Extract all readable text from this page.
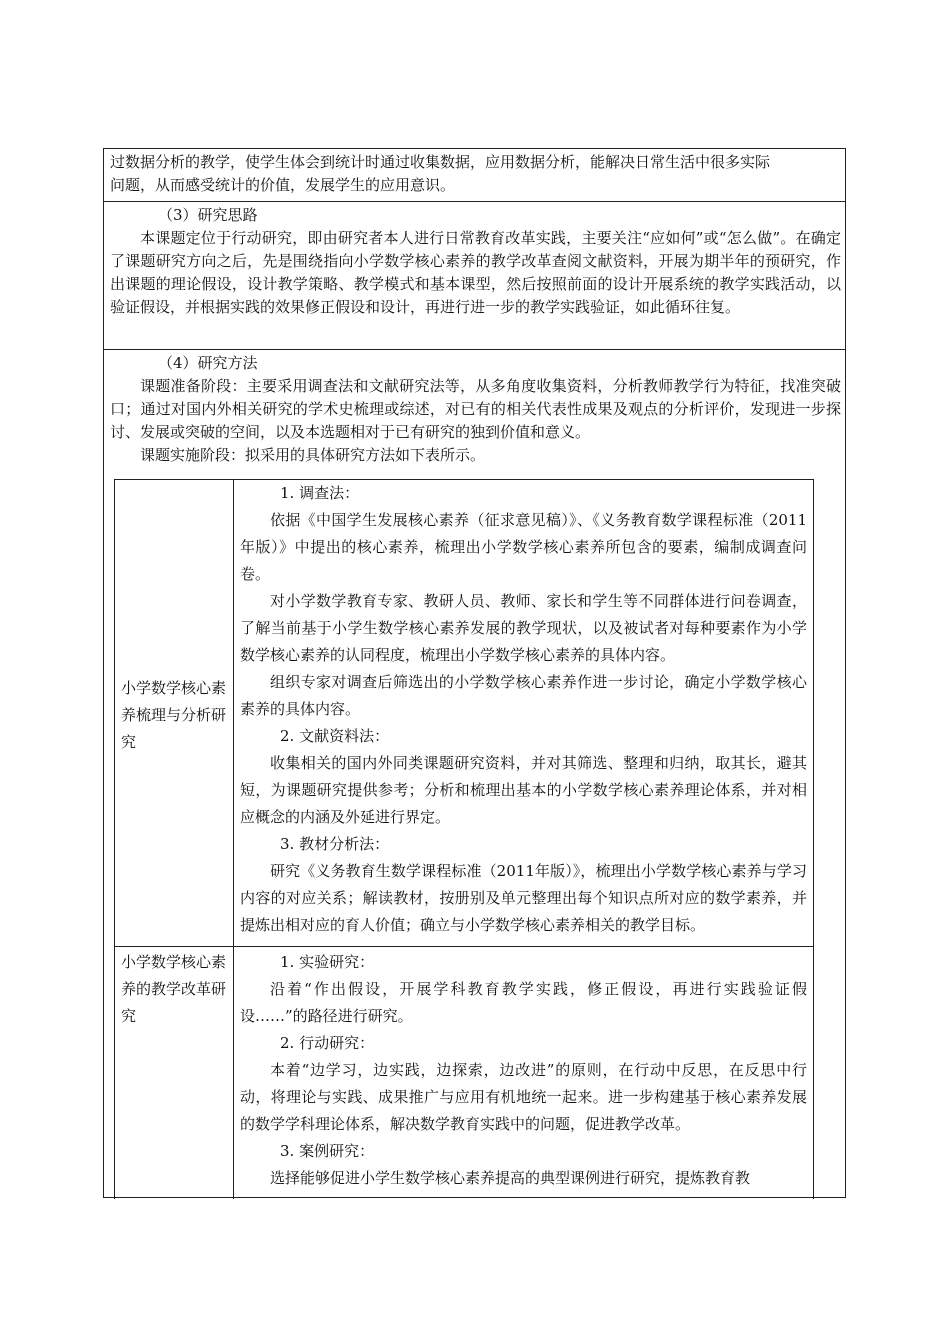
过数据分析的教学，使学生体会到统计时通过收集数据，应用数据分析，能解决日常生活中很多实际

问题，从而感受统计的价值，发展学生的应用意识。

（3）研究思路

本课题定位于行动研究，即由研究者本人进行日常教育改革实践，主要关注“应如何”或“怎么做”。在确定了课题研究方向之后，先是围绕指向小学数学核心素养的教学改革查阅文献资料，开展为期半年的预研究，作出课题的理论假设，设计教学策略、教学模式和基本课型，然后按照前面的设计开展系统的教学实践活动，以验证假设，并根据实践的效果修正假设和设计，再进行进一步的教学实践验证，如此循环往复。

（4）研究方法

课题准备阶段：主要采用调查法和文献研究法等，从多角度收集资料，分析教师教学行为特征，找准突破口；通过对国内外相关研究的学术史梳理或综述，对已有的相关代表性成果及观点的分析评价，发现进一步探讨、发展或突破的空间，以及本选题相对于已有研究的独到价值和意义。

课题实施阶段：拟采用的具体研究方法如下表所示。

小学数学核心素养梳理与分析研究

1. 调查法：

依据《中国学生发展核心素养（征求意见稿）》、《义务教育数学课程标准（2011年版）》中提出的核心素养，梳理出小学数学核心素养所包含的要素，编制成调查问卷。

对小学数学教育专家、教研人员、教师、家长和学生等不同群体进行问卷调查，了解当前基于小学生数学核心素养发展的教学现状，以及被试者对每种要素作为小学数学核心素养的认同程度，梳理出小学数学核心素养的具体内容。

组织专家对调查后筛选出的小学数学核心素养作进一步讨论，确定小学数学核心素养的具体内容。

2. 文献资料法：

收集相关的国内外同类课题研究资料，并对其筛选、整理和归纳，取其长，避其短，为课题研究提供参考；分析和梳理出基本的小学数学核心素养理论体系，并对相应概念的内涵及外延进行界定。

3. 教材分析法：

研究《义务教育生数学课程标准（2011年版）》，梳理出小学数学核心素养与学习内容的对应关系；解读教材，按册别及单元整理出每个知识点所对应的数学素养，并提炼出相对应的育人价值；确立与小学数学核心素养相关的教学目标。

小学数学核心素养的教学改革研究

1. 实验研究：

沿着“作出假设，开展学科教育教学实践，修正假设，再进行实践验证假设……”的路径进行研究。

2. 行动研究：

本着“边学习，边实践，边探索，边改进”的原则，在行动中反思，在反思中行动，将理论与实践、成果推广与应用有机地统一起来。进一步构建基于核心素养发展的数学学科理论体系，解决数学教育实践中的问题，促进教学改革。

3. 案例研究：

选择能够促进小学生数学核心素养提高的典型课例进行研究，提炼教育教
